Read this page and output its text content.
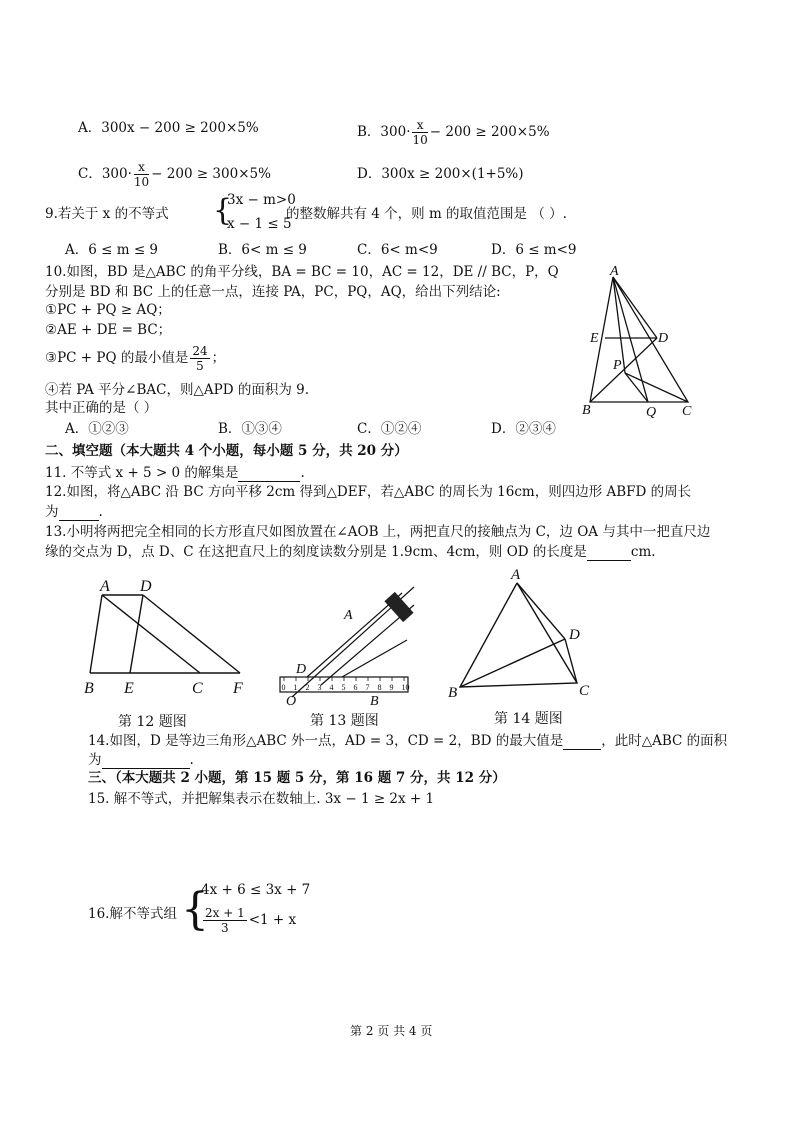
A．300x − 200 ≥ 200×5%	B．$300\cdot \frac{x}{10} - 200 \ge 200\times 5\%$
C．$300\cdot \frac{x}{10} - 200 \ge 300\times 5\%$	D．300x ≥ 200×(1+5%)
9.若关于 x 的不等式 {
3x − m>0
x − 1 ≤ 5
的整数解共有 4 个，则 m 的取值范围是 （ ）.
A．6 ≤ m ≤ 9	B．6< m ≤ 9	C．6< m<9	D．6 ≤ m<9
10.如图，BD 是△ABC 的角平分线，BA = BC = 10，AC = 12，DE // BC，P，Q
分别是 BD 和 BC 上的任意一点，连接 PA，PC，PQ，AQ，给出下列结论:
①PC + PQ ≥ AQ；
②AE + DE = BC；
③PC + PQ 的最小值是 $\frac{24}{5}$ ；
④若 PA 平分∠BAC，则△APD 的面积为 9.
其中正确的是（ ）
A．①②③	B．①③④	C．①②④	D．②③④
A
E	D
P
B	Q C
二、填空题（本大题共 4 个小题，每小题 5 分，共 20 分）
11. 不等式 x + 5 > 0 的解集是	.
12.如图，将△ABC 沿 BC 方向平移 2cm 得到△DEF，若△ABC 的周长为 16cm，则四边形 ABFD 的周长
为	.
13.小明将两把完全相同的长方形直尺如图放置在∠AOB 上，两把直尺的接触点为 C，边 OA 与其中一把直尺边
缘的交点为 D，点 D、C 在这把直尺上的刻度读数分别是 1.9cm、4cm，则 OD 的长度是	cm.
A D
B E	C F	0 1 2 3 4 5 6 7 8 9 10
A
D
O	B
A
D
B	C
第 12 题图	第 13 题图	第 14 题图
14.如图，D 是等边三角形△ABC 外一点，AD = 3，CD = 2，BD 的最大值是	，此时△ABC 的面积
为	.
三、（本大题共 2 小题，第 15 题 5 分，第 16 题 7 分，共 12 分）
15. 解不等式，并把解集表示在数轴上. 3x − 1 ≥ 2x + 1
16.解不等式组 {
4x + 6 ≤ 3x + 7
$\frac{2x + 1}{3} <1 + x$
第 2 页 共 4 页
